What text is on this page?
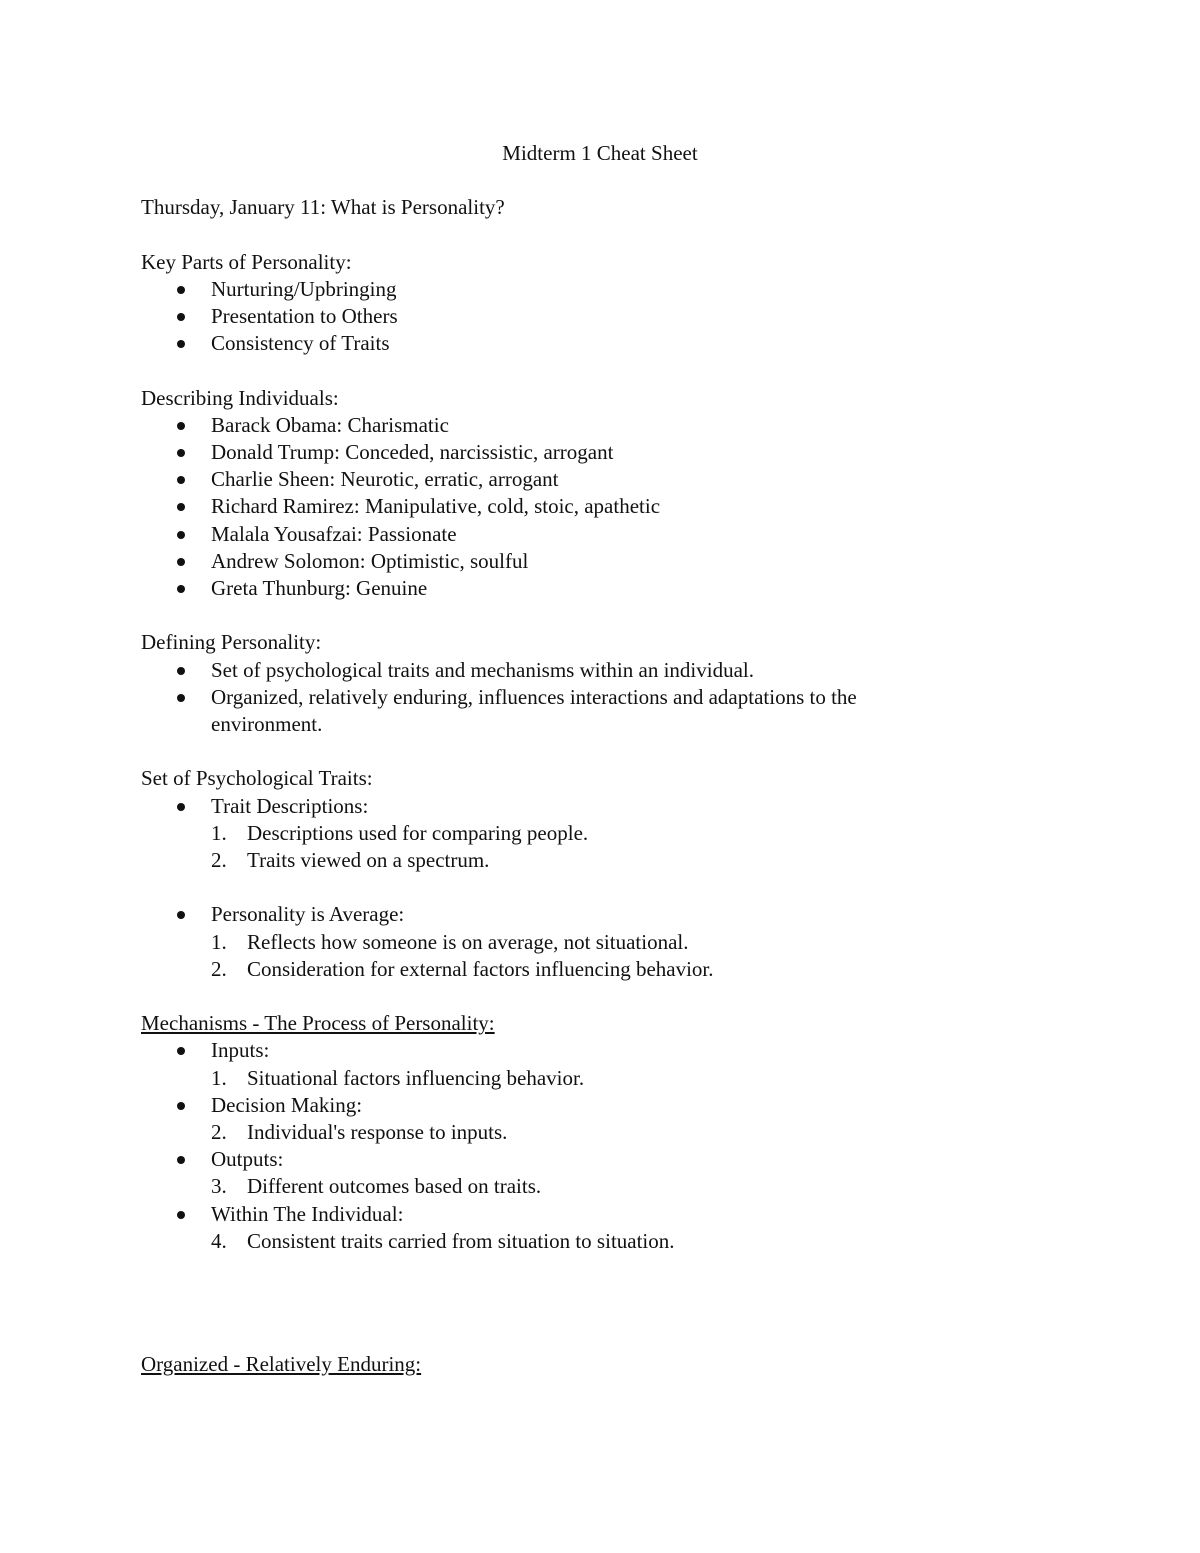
Midterm 1 Cheat Sheet
Thursday, January 11: What is Personality?
Key Parts of Personality:
Nurturing/Upbringing
Presentation to Others
Consistency of Traits
Describing Individuals:
Barack Obama: Charismatic
Donald Trump: Conceded, narcissistic, arrogant
Charlie Sheen: Neurotic, erratic, arrogant
Richard Ramirez: Manipulative, cold, stoic, apathetic
Malala Yousafzai: Passionate
Andrew Solomon: Optimistic, soulful
Greta Thunburg: Genuine
Defining Personality:
Set of psychological traits and mechanisms within an individual.
Organized, relatively enduring, influences interactions and adaptations to the environment.
Set of Psychological Traits:
Trait Descriptions:
1. Descriptions used for comparing people.
2. Traits viewed on a spectrum.
Personality is Average:
1. Reflects how someone is on average, not situational.
2. Consideration for external factors influencing behavior.
Mechanisms - The Process of Personality:
Inputs:
1. Situational factors influencing behavior.
Decision Making:
2. Individual's response to inputs.
Outputs:
3. Different outcomes based on traits.
Within The Individual:
4. Consistent traits carried from situation to situation.
Organized - Relatively Enduring:
